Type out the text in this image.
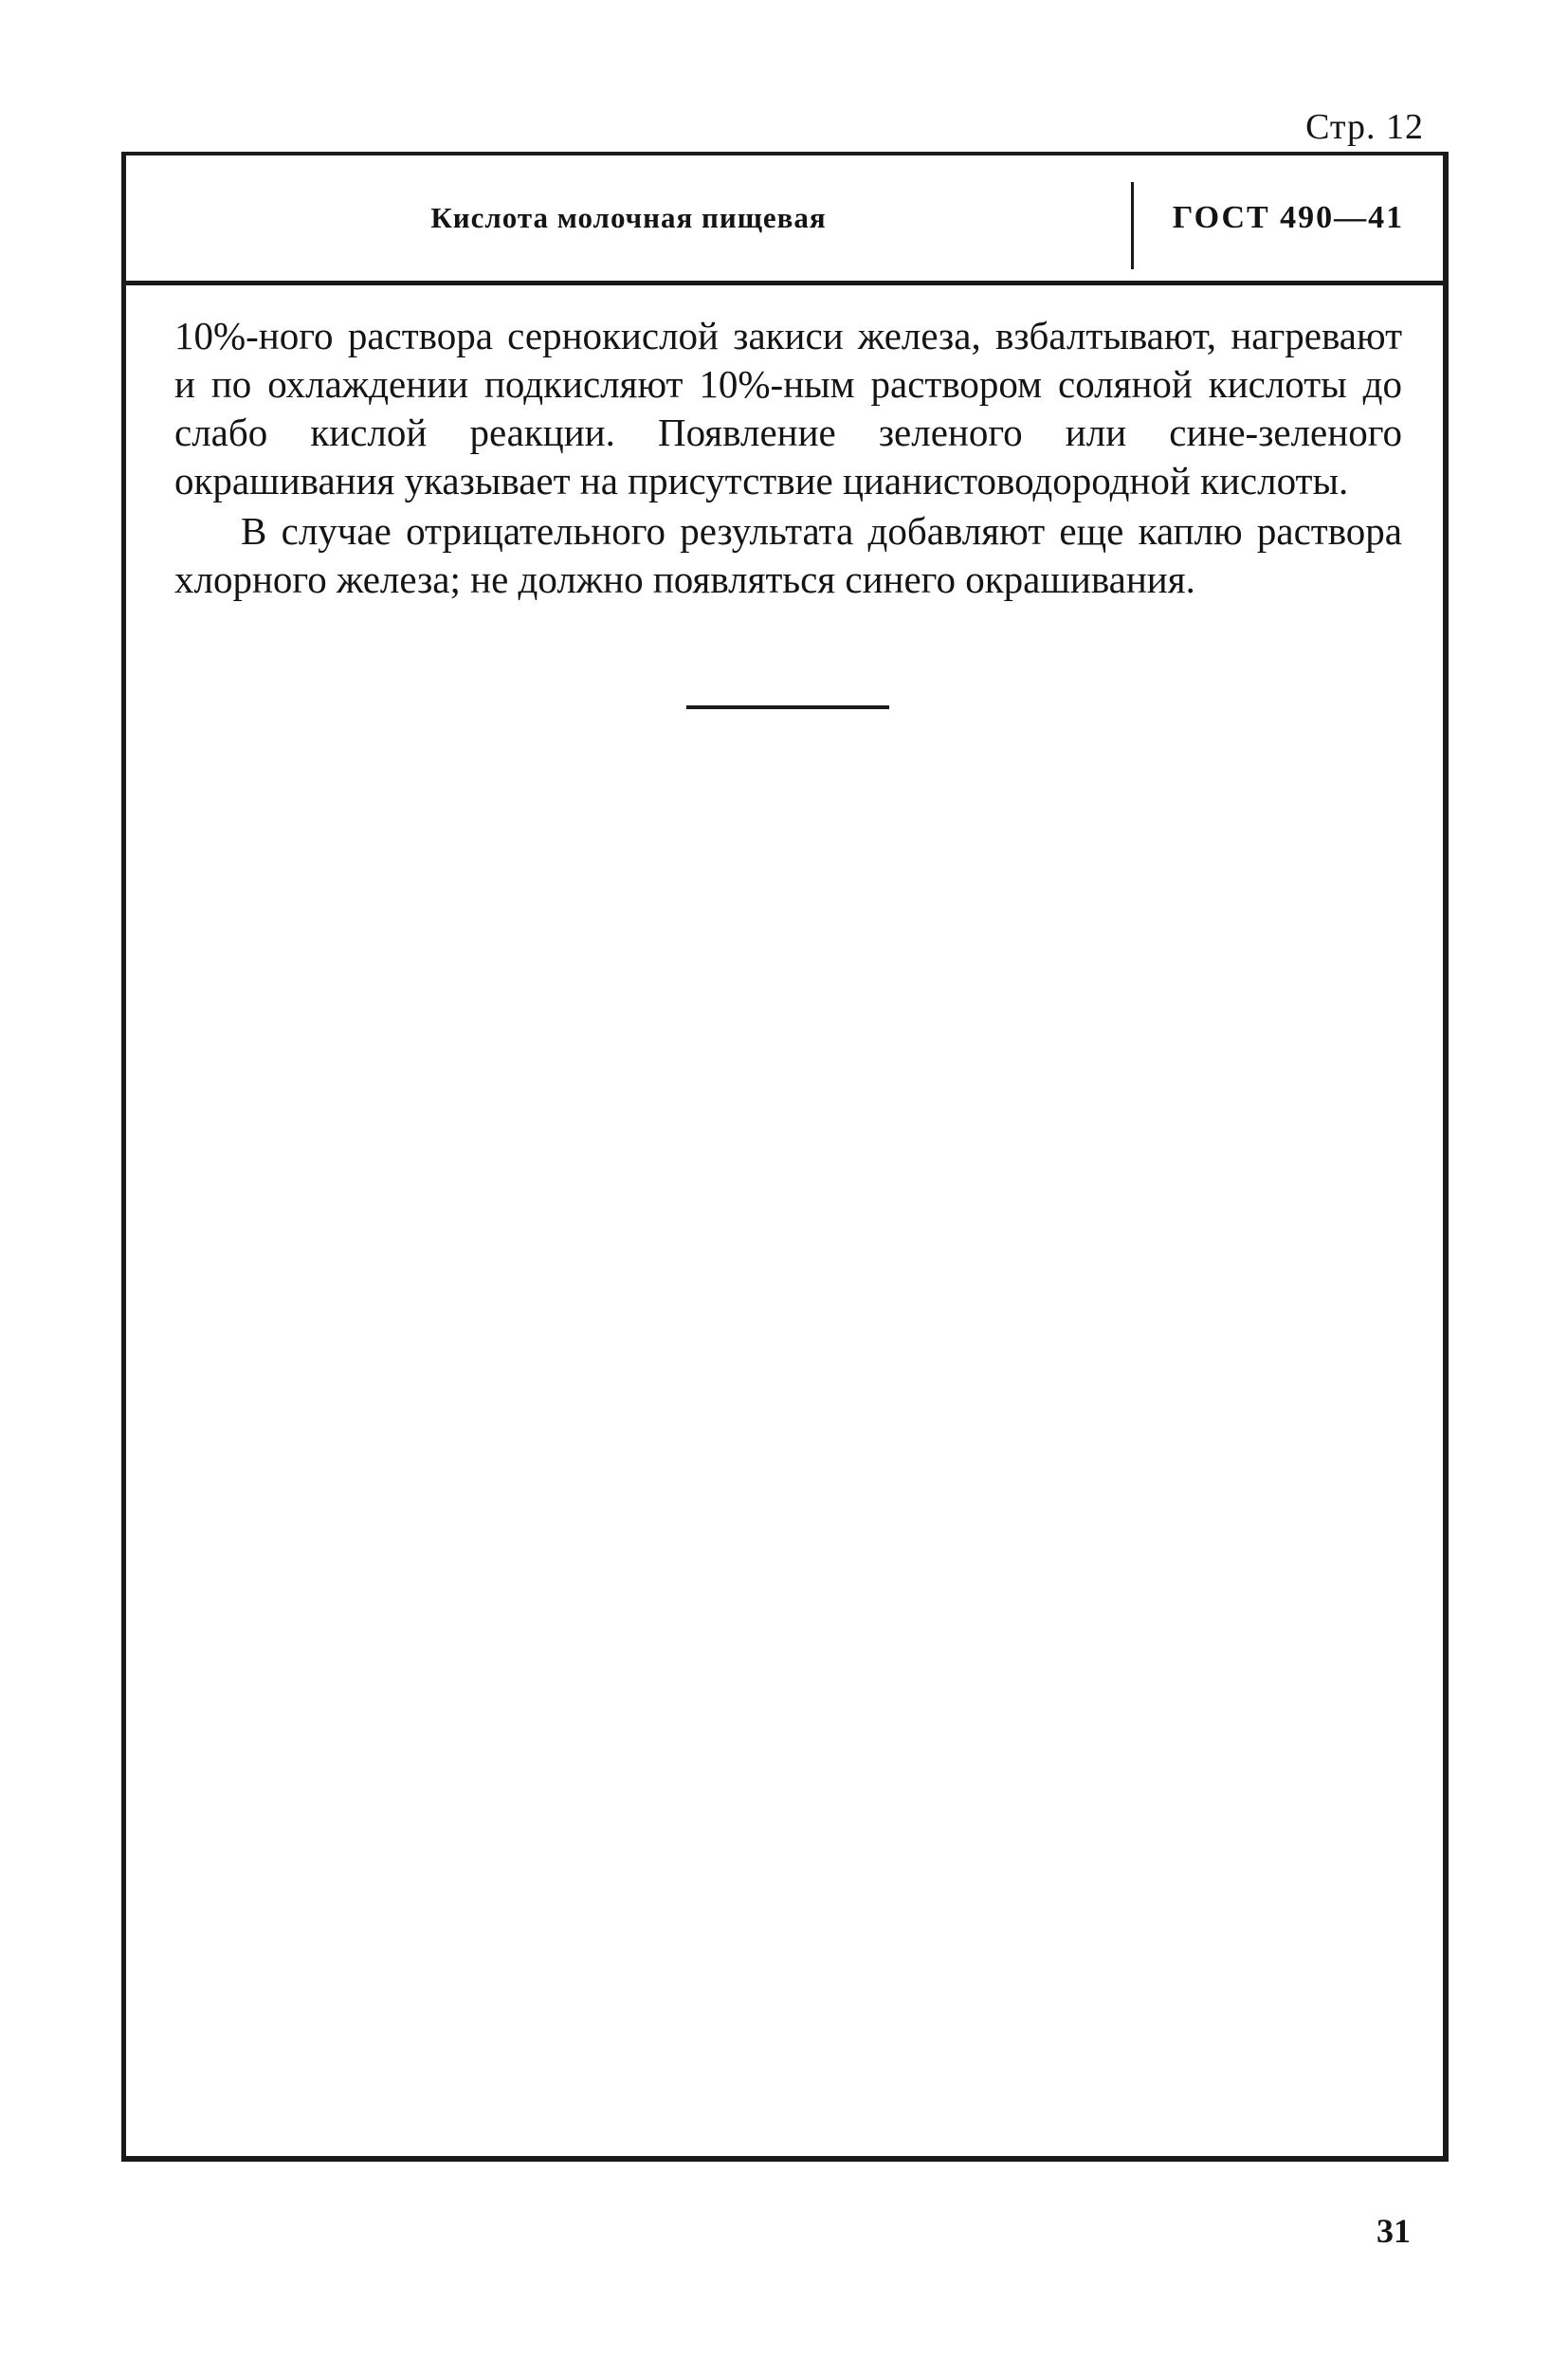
Стр. 12
Кислота молочная пищевая	ГОСТ 490—41

10%-ного раствора сернокислой закиси железа, взбалтывают, нагревают и по охлаждении подкисляют 10%-ным раствором соляной кислоты до слабо кислой реакции. Появление зеленого или сине-зеленого окрашивания указывает на присутствие цианистоводородной кислоты.

В случае отрицательного результата добавляют еще каплю раствора хлорного железа; не должно появляться синего окрашивания.

31
